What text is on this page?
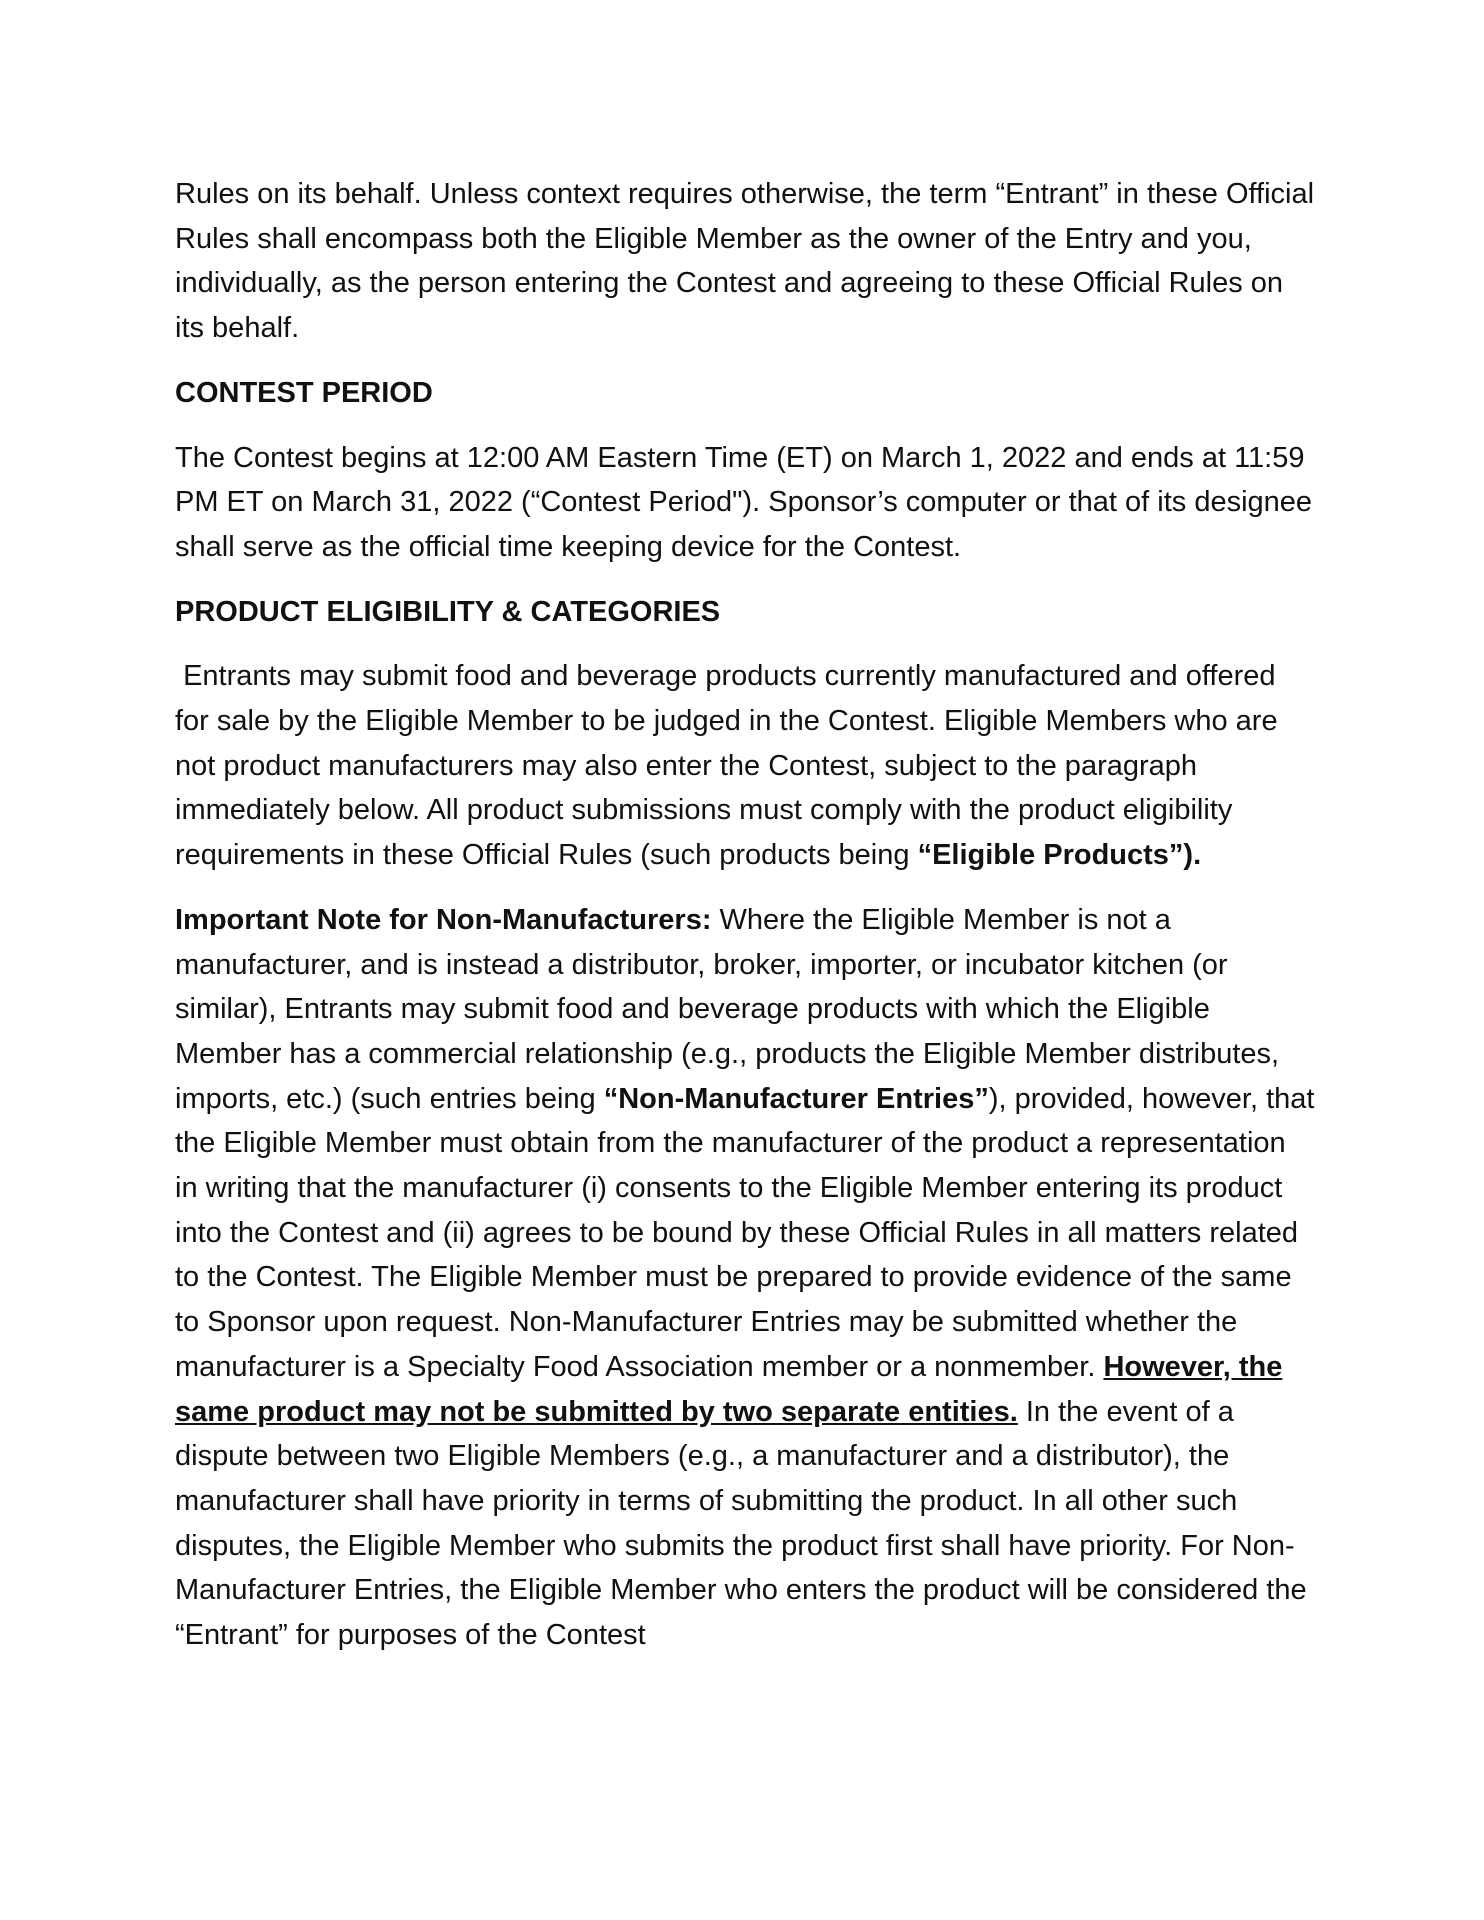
Rules on its behalf. Unless context requires otherwise, the term “Entrant” in these Official Rules shall encompass both the Eligible Member as the owner of the Entry and you, individually, as the person entering the Contest and agreeing to these Official Rules on its behalf.

CONTEST PERIOD

The Contest begins at 12:00 AM Eastern Time (ET) on March 1, 2022 and ends at 11:59 PM ET on March 31, 2022 (“Contest Period"). Sponsor’s computer or that of its designee shall serve as the official time keeping device for the Contest.

PRODUCT ELIGIBILITY & CATEGORIES

Entrants may submit food and beverage products currently manufactured and offered for sale by the Eligible Member to be judged in the Contest. Eligible Members who are not product manufacturers may also enter the Contest, subject to the paragraph immediately below. All product submissions must comply with the product eligibility requirements in these Official Rules (such products being “Eligible Products”).

Important Note for Non-Manufacturers: Where the Eligible Member is not a manufacturer, and is instead a distributor, broker, importer, or incubator kitchen (or similar), Entrants may submit food and beverage products with which the Eligible Member has a commercial relationship (e.g., products the Eligible Member distributes, imports, etc.) (such entries being “Non-Manufacturer Entries”), provided, however, that the Eligible Member must obtain from the manufacturer of the product a representation in writing that the manufacturer (i) consents to the Eligible Member entering its product into the Contest and (ii) agrees to be bound by these Official Rules in all matters related to the Contest. The Eligible Member must be prepared to provide evidence of the same to Sponsor upon request. Non-Manufacturer Entries may be submitted whether the manufacturer is a Specialty Food Association member or a nonmember. However, the same product may not be submitted by two separate entities. In the event of a dispute between two Eligible Members (e.g., a manufacturer and a distributor), the manufacturer shall have priority in terms of submitting the product. In all other such disputes, the Eligible Member who submits the product first shall have priority. For Non-Manufacturer Entries, the Eligible Member who enters the product will be considered the “Entrant” for purposes of the Contest
